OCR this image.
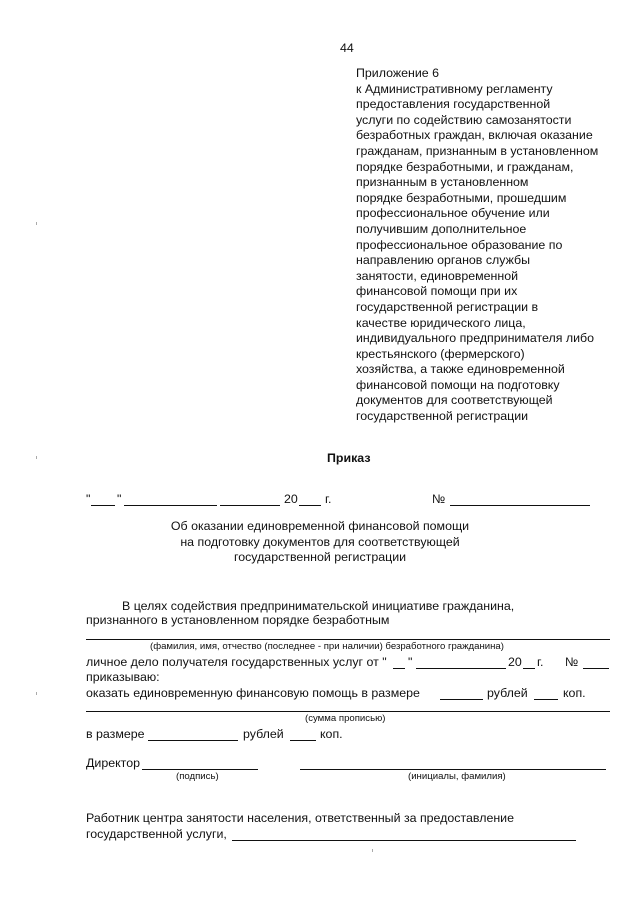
44
Приложение 6
к Административному регламенту
предоставления государственной
услуги по содействию самозанятости
безработных граждан, включая оказание
гражданам, признанным в установленном
порядке безработными, и гражданам,
признанным в установленном
порядке безработными, прошедшим
профессиональное обучение или
получившим дополнительное
профессиональное образование по
направлению органов службы
занятости, единовременной
финансовой помощи при их
государственной регистрации в
качестве юридического лица,
индивидуального предпринимателя либо
крестьянского (фермерского)
хозяйства, а также единовременной
финансовой помощи на подготовку
документов для соответствующей
государственной регистрации
Приказ
" "	20 г.	№
Об оказании единовременной финансовой помощи
на подготовку документов для соответствующей
государственной регистрации
В целях содействия предпринимательской инициативе гражданина,
признанного в установленном порядке безработным
(фамилия, имя, отчество (последнее - при наличии) безработного гражданина)
личное дело получателя государственных услуг от " "	20 г. №
приказываю:
оказать единовременную финансовую помощь в размере	рублей	коп.
(сумма прописью)
в размере	рублей	коп.
Директор
(подпись)	(инициалы, фамилия)
Работник центра занятости населения, ответственный за предоставление
государственной услуги,
